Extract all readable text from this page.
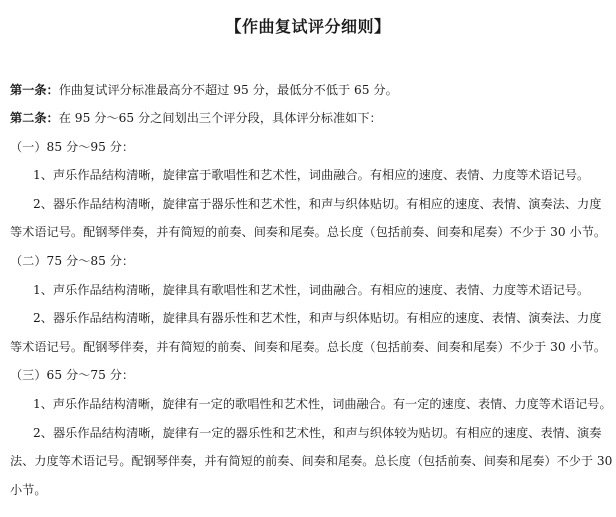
【作曲复试评分细则】
第一条：作曲复试评分标准最高分不超过 95 分，最低分不低于 65 分。
第二条：在 95 分～65 分之间划出三个评分段，具体评分标准如下：
（一）85 分～95 分：
1、声乐作品结构清晰，旋律富于歌唱性和艺术性，词曲融合。有相应的速度、表情、力度等术语记号。
2、器乐作品结构清晰，旋律富于器乐性和艺术性，和声与织体贴切。有相应的速度、表情、演奏法、力度
等术语记号。配钢琴伴奏，并有简短的前奏、间奏和尾奏。总长度（包括前奏、间奏和尾奏）不少于 30 小节。
（二）75 分～85 分：
1、声乐作品结构清晰，旋律具有歌唱性和艺术性，词曲融合。有相应的速度、表情、力度等术语记号。
2、器乐作品结构清晰，旋律具有器乐性和艺术性，和声与织体贴切。有相应的速度、表情、演奏法、力度
等术语记号。配钢琴伴奏，并有简短的前奏、间奏和尾奏。总长度（包括前奏、间奏和尾奏）不少于 30 小节。
（三）65 分～75 分：
1、声乐作品结构清晰，旋律有一定的歌唱性和艺术性，词曲融合。有一定的速度、表情、力度等术语记号。
2、器乐作品结构清晰，旋律有一定的器乐性和艺术性，和声与织体较为贴切。有相应的速度、表情、演奏
法、力度等术语记号。配钢琴伴奏，并有简短的前奏、间奏和尾奏。总长度（包括前奏、间奏和尾奏）不少于 30
小节。
